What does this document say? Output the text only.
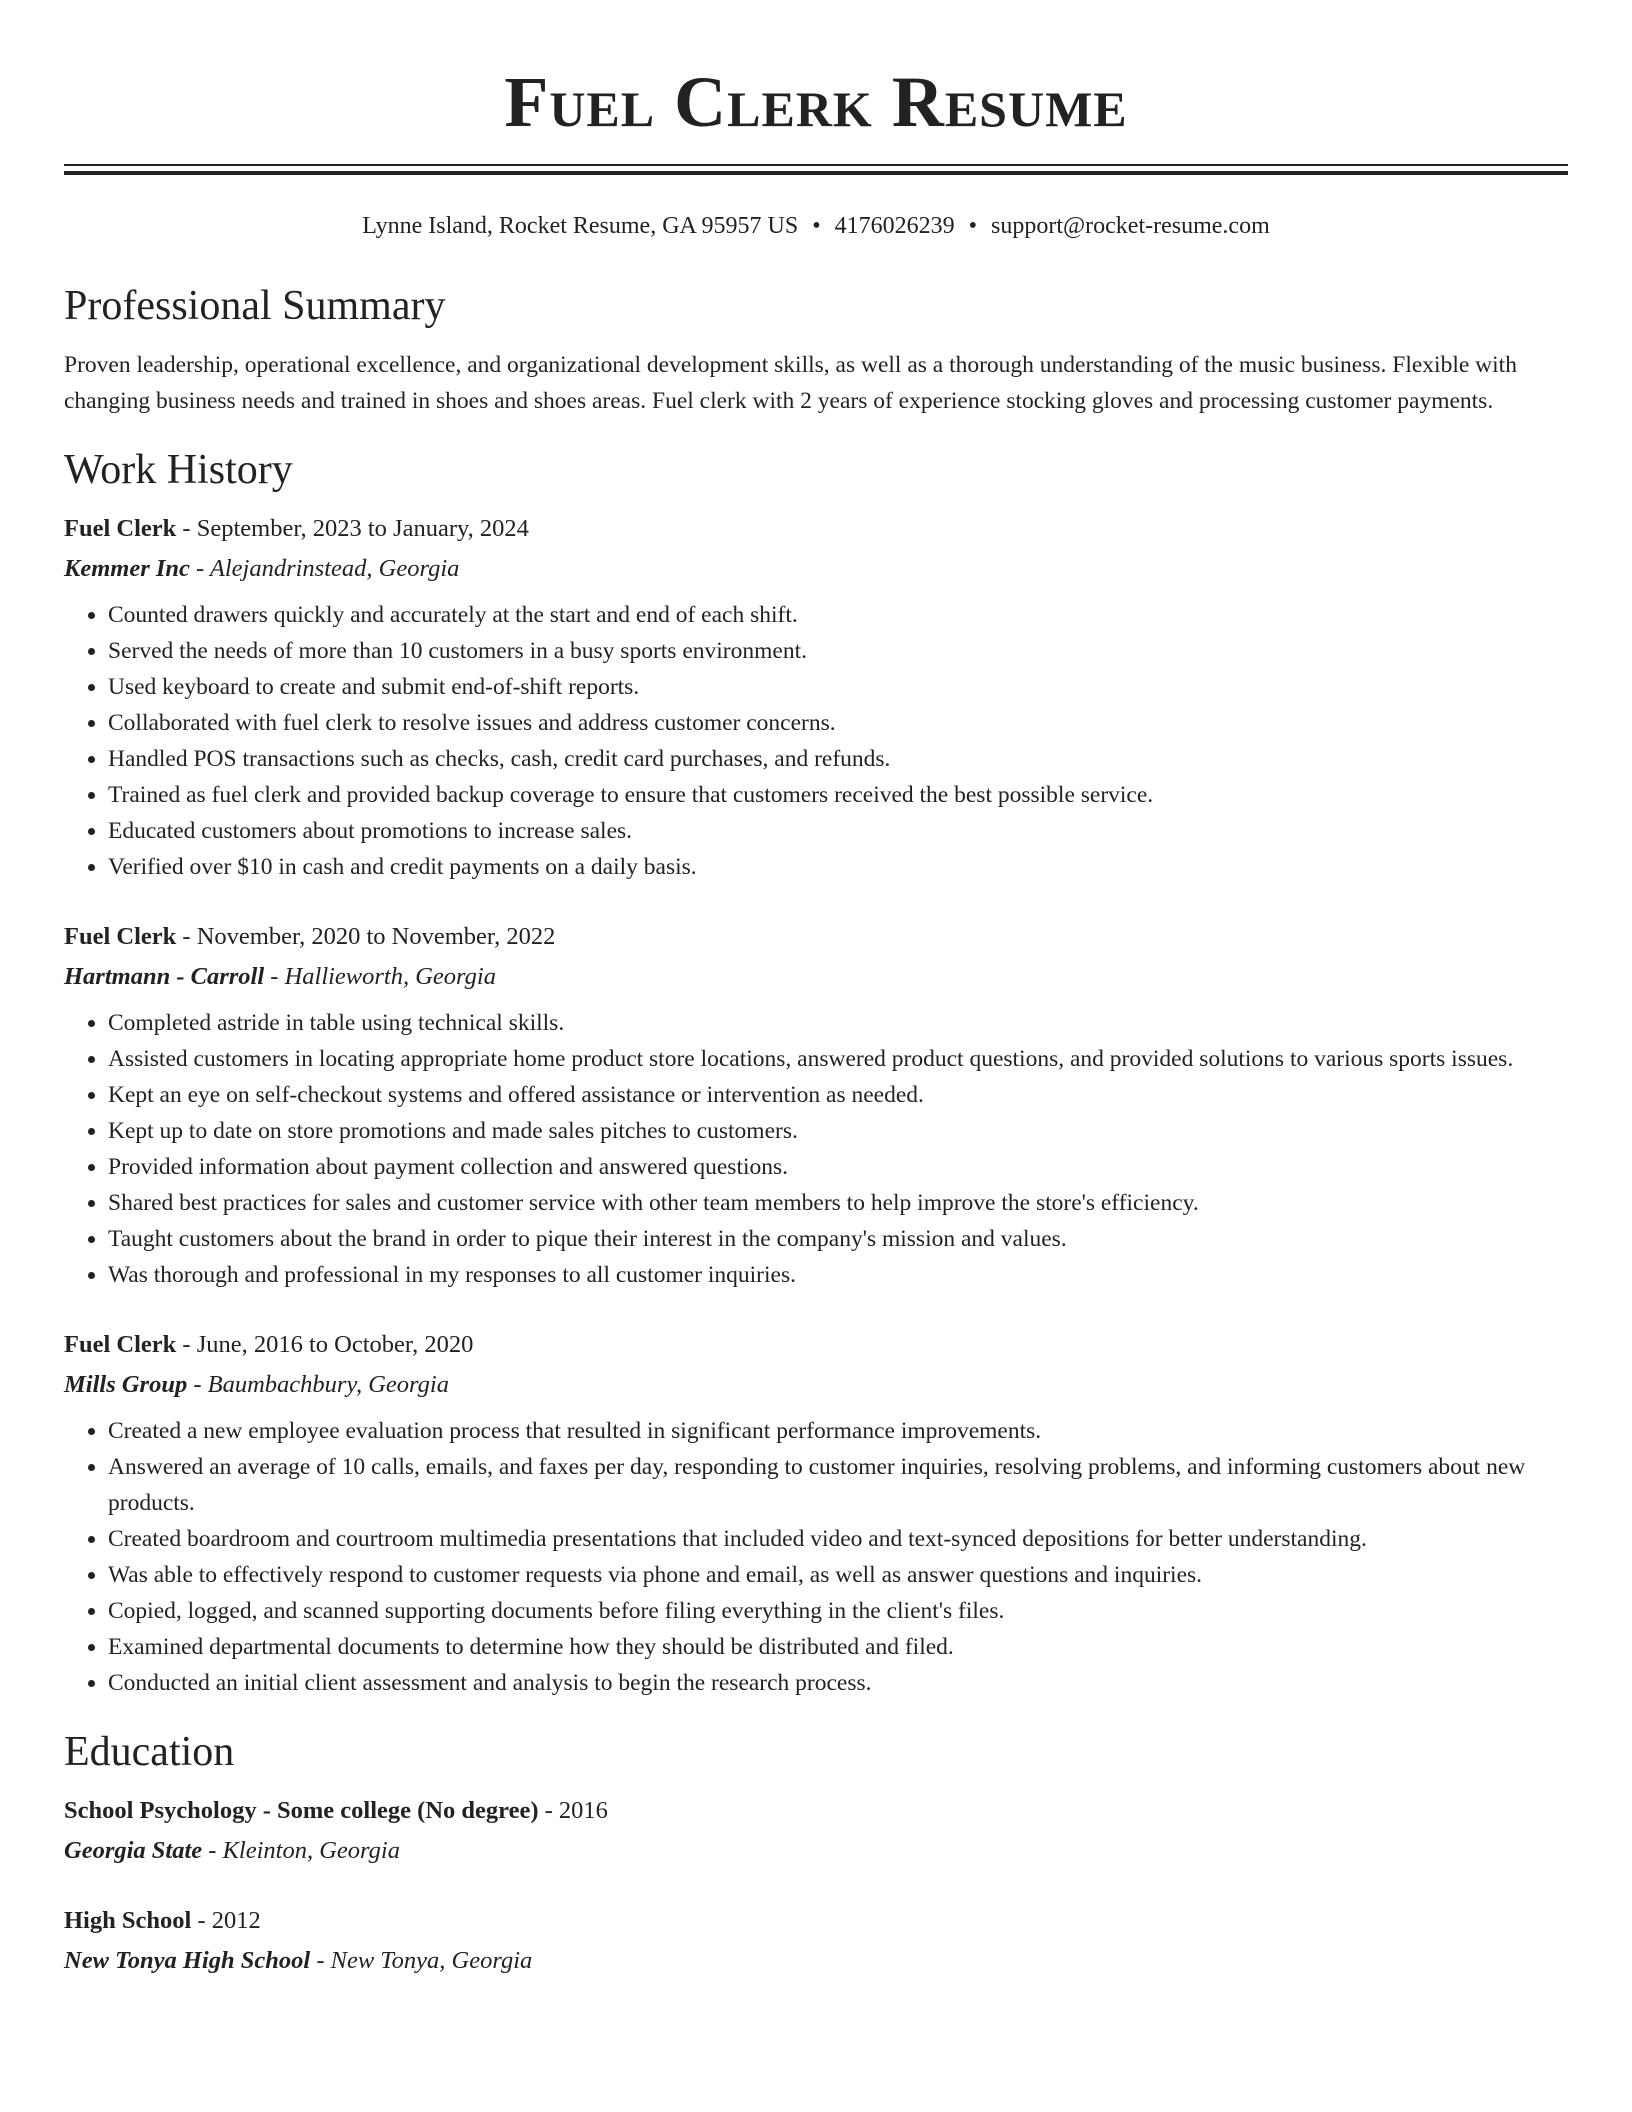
Fuel Clerk Resume
Lynne Island, Rocket Resume, GA 95957 US • 4176026239 • support@rocket-resume.com
Professional Summary
Proven leadership, operational excellence, and organizational development skills, as well as a thorough understanding of the music business. Flexible with changing business needs and trained in shoes and shoes areas. Fuel clerk with 2 years of experience stocking gloves and processing customer payments.
Work History
Fuel Clerk - September, 2023 to January, 2024
Kemmer Inc - Alejandrinstead, Georgia
• Counted drawers quickly and accurately at the start and end of each shift.
• Served the needs of more than 10 customers in a busy sports environment.
• Used keyboard to create and submit end-of-shift reports.
• Collaborated with fuel clerk to resolve issues and address customer concerns.
• Handled POS transactions such as checks, cash, credit card purchases, and refunds.
• Trained as fuel clerk and provided backup coverage to ensure that customers received the best possible service.
• Educated customers about promotions to increase sales.
• Verified over $10 in cash and credit payments on a daily basis.
Fuel Clerk - November, 2020 to November, 2022
Hartmann - Carroll - Hallieworth, Georgia
• Completed astride in table using technical skills.
• Assisted customers in locating appropriate home product store locations, answered product questions, and provided solutions to various sports issues.
• Kept an eye on self-checkout systems and offered assistance or intervention as needed.
• Kept up to date on store promotions and made sales pitches to customers.
• Provided information about payment collection and answered questions.
• Shared best practices for sales and customer service with other team members to help improve the store's efficiency.
• Taught customers about the brand in order to pique their interest in the company's mission and values.
• Was thorough and professional in my responses to all customer inquiries.
Fuel Clerk - June, 2016 to October, 2020
Mills Group - Baumbachbury, Georgia
• Created a new employee evaluation process that resulted in significant performance improvements.
• Answered an average of 10 calls, emails, and faxes per day, responding to customer inquiries, resolving problems, and informing customers about new products.
• Created boardroom and courtroom multimedia presentations that included video and text-synced depositions for better understanding.
• Was able to effectively respond to customer requests via phone and email, as well as answer questions and inquiries.
• Copied, logged, and scanned supporting documents before filing everything in the client's files.
• Examined departmental documents to determine how they should be distributed and filed.
• Conducted an initial client assessment and analysis to begin the research process.
Education
School Psychology - Some college (No degree) - 2016
Georgia State - Kleinton, Georgia
High School - 2012
New Tonya High School - New Tonya, Georgia
